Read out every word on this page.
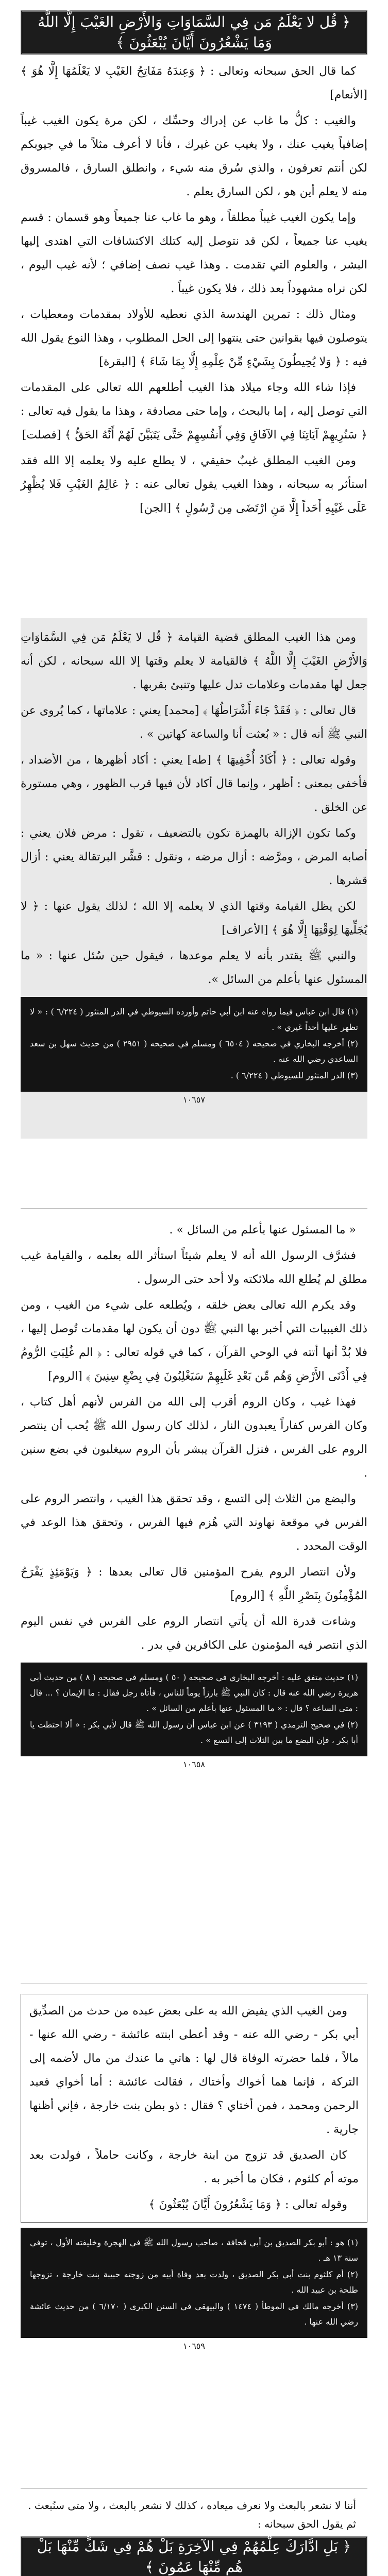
﴿ قُل لا يَعْلَمُ مَن فِي السَّمَاوَاتِ وَالأَرْضِ الغَيْبَ إِلَّا اللَّهُ وَمَا يَشْعُرُونَ أَيَّانَ يُبْعَثُونَ ﴾

كما قال الحق سبحانه وتعالى : ﴿ وَعِندَهُ مَفَاتِحُ الغَيْبِ لا يَعْلَمُهَا إِلَّا هُوَ ﴾ [الأنعام]

والغيب : كلُّ ما غاب عن إدراك وحسِّك ، لكن مرة يكون الغيب غيباً إضافياً يغيب عنك ، ولا يغيب عن غيرك ، فأنا لا أعرف مثلاً ما في جيوبكم لكن أنتم تعرفون ، والذي سُرق منه شيء ، وانطلق السارق ، فالمسروق منه لا يعلم أين هو ، لكن السارق يعلم .

وإما يكون الغيب غيباً مطلقاً ، وهو ما غاب عنا جميعاً وهو قسمان : قسم يغيب عنا جميعاً ، لكن قد نتوصل إليه كتلك الاكتشافات التي اهتدى إليها البشر ، والعلوم التي تقدمت . وهذا غيب نصف إضافي ؛ لأنه غيب اليوم ، لكن نراه مشهوداً بعد ذلك ، فلا يكون غيباً .

ومثال ذلك : تمرين الهندسة الذي نعطيه للأولاد بمقدمات ومعطيات ، يتوصلون فيها بقوانين حتى ينتهوا إلى الحل المطلوب ، وهذا النوع يقول الله فيه : ﴿ وَلا يُحِيطُونَ بِشَيْءٍ مِّنْ عِلْمِهِ إِلَّا بِمَا شَاءَ ﴾ [البقرة]

فإذا شاء الله وجاء ميلاد هذا الغيب أطلعهم الله تعالى على المقدمات التي توصل إليه ، إما بالبحث ، وإما حتى مصادفة ، وهذا ما يقول فيه تعالى : ﴿ سَنُرِيهِمْ آيَاتِنَا فِي الآفَاقِ وَفِي أَنفُسِهِمْ حَتَّى يَتَبَيَّنَ لَهُمْ أَنَّهُ الحَقُّ ﴾ [فصلت]

ومن الغيب المطلق غيبٌ حقيقي ، لا يطلع عليه ولا يعلمه إلا الله فقد استأثر به سبحانه ، وهذا الغيب يقول تعالى عنه : ﴿ عَالِمُ الغَيْبِ فَلا يُظْهِرُ عَلَى غَيْبِهِ أَحَداً إِلَّا مَنِ ارْتَضَى مِن رَّسُولٍ ﴾ [الجن]

ومن هذا الغيب المطلق قضية القيامة ﴿ قُل لا يَعْلَمُ مَن فِي السَّمَاوَاتِ وَالأَرْضِ الغَيْبَ إِلَّا اللَّهُ ﴾ فالقيامة لا يعلم وقتها إلا الله سبحانه ، لكن أنه جعل لها مقدمات وعلامات تدل عليها وتنبئ بقربها .

قال تعالى : ﴿ فَقَدْ جَاءَ أَشْرَاطُهَا ﴾ [محمد] يعني : علاماتها ، كما يُروى عن النبي ﷺ أنه قال : « بُعثت أنا والساعة كهاتين » .

وقوله تعالى : ﴿ أَكَادُ أُخْفِيهَا ﴾ [طه] يعني : أكاد أظهرها ، من الأضداد ، فأخفى بمعنى : أظهر ، وإنما قال أكاد لأن فيها قرب الظهور ، وهي مستورة عن الخلق .

وكما تكون الإزالة بالهمزة تكون بالتضعيف ، تقول : مرض فلان يعني : أصابه المرض ، ومرَّضه : أزال مرضه ، ونقول : قشَّر البرتقالة يعني : أزال قشرها .

لكن يظل القيامة وقتها الذي لا يعلمه إلا الله ؛ لذلك يقول عنها : ﴿ لا يُجَلِّيهَا لِوَقْتِهَا إِلَّا هُوَ ﴾ [الأعراف]

والنبي ﷺ يقتدر بأنه لا يعلم موعدها ، فيقول حين سُئل عنها : « ما المسئول عنها بأعلم من السائل ».

(١) قال ابن عباس فيما رواه عنه ابن أبي حاتم وأورده السيوطي في الدر المنثور ( ٦/٢٢٤ ) : « لا تظهر عليها أحداً غيري » .

(٢) أخرجه البخاري في صحيحه ( ٦٥٠٤ ) ومسلم في صحيحه ( ٢٩٥١ ) من حديث سهل بن سعد الساعدي رضي الله عنه .

(٣) الدر المنثور للسيوطي ( ٦/٢٢٤ ) .

١٠٦٥٧

« ما المسئول عنها بأعلم من السائل » .

فشرَّف الرسول الله أنه لا يعلم شيئاً استأثر الله بعلمه ، والقيامة غيب مطلق لم يُطلع الله ملائكته ولا أحد حتى الرسول .

وقد يكرم الله تعالى بعض خلقه ، ويُطلعه على شيء من الغيب ، ومن ذلك الغيبيات التي أخبر بها النبي ﷺ دون أن يكون لها مقدمات تُوصل إليها ، فلا بُدَّ أنها أتته في الوحي القرآن ، كما في قوله تعالى : ﴿ الم غُلِبَتِ الرُّومُ فِي أَدْنَى الأَرْضِ وَهُم مِّن بَعْدِ غَلَبِهِمْ سَيَغْلِبُونَ فِي بِضْعِ سِنِينَ ﴾ [الروم]

فهذا غيب ، وكان الروم أقرب إلى الله من الفرس لأنهم أهل كتاب ، وكان الفرس كفاراً يعبدون النار ، لذلك كان رسول الله ﷺ يُحب أن ينتصر الروم على الفرس ، فنزل القرآن يبشر بأن الروم سيغلبون في بضع سنين .

والبضع من الثلاث إلى التسع ، وقد تحقق هذا الغيب ، وانتصر الروم على الفرس في موقعة نهاوند التي هُزم فيها الفرس ، وتحقق هذا الوعد في الوقت المحدد .

ولأن انتصار الروم يفرح المؤمنين قال تعالى بعدها : ﴿ وَيَوْمَئِذٍ يَفْرَحُ المُؤْمِنُونَ بِنَصْرِ اللَّهِ ﴾ [الروم]

وشاءت قدرة الله أن يأتي انتصار الروم على الفرس في نفس اليوم الذي انتصر فيه المؤمنون على الكافرين في بدر .

(١) حديث متفق عليه : أخرجه البخاري في صحيحه ( ٥٠ ) ومسلم في صحيحه ( ٨ ) من حديث أبي هريرة رضي الله عنه قال : كان النبي ﷺ بارزاً يوماً للناس ، فأتاه رجل فقال : ما الإيمان ؟ ... قال : متى الساعة ؟ قال : « ما المسئول عنها بأعلم من السائل » .

(٢) في صحيح الترمذي ( ٣١٩٣ ) عن ابن عباس أن رسول الله ﷺ قال لأبي بكر : « ألا احتطت يا أبا بكر ، فإن البضع ما بين الثلاث إلى التسع » .

١٠٦٥٨

ومن الغيب الذي يفيض الله به على بعض عبده من حدث من الصدِّيق أبي بكر - رضي الله عنه - وقد أعطى ابنته عائشة - رضي الله عنها - مالاً ، فلما حضرته الوفاة قال لها : هاتي ما عندك من مال لأضمه إلى التركة ، فإنما هما أخواك وأختاك ، فقالت عائشة : أما أخواي فعبد الرحمن ومحمد ، فمن أختاي ؟ فقال : ذو بطن بنت خارجة ، فإني أظنها جارية .

كان الصديق قد تزوج من ابنة خارجة ، وكانت حاملاً ، فولدت بعد موته أم كلثوم ، فكان ما أخبر به .

وقوله تعالى : ﴿ وَمَا يَشْعُرُونَ أَيَّانَ يُبْعَثُونَ ﴾

(١) هو : أبو بكر الصديق بن أبي قحافة ، صاحب رسول الله ﷺ في الهجرة وخليفته الأول ، توفي سنة ١٣ هـ .

(٢) أم كلثوم بنت أبي بكر الصديق ، ولدت بعد وفاة أبيه من زوجته حبيبة بنت خارجة ، تزوجها طلحة بن عبيد الله .

(٣) أخرجه مالك في الموطأ ( ١٤٧٤ ) والبيهقي في السنن الكبرى ( ٦/١٧٠ ) من حديث عائشة رضي الله عنها .

١٠٦٥٩

أننا لا نشعر بالبعث ولا نعرف ميعاده ، كذلك لا نشعر بالبعث ، ولا متى سنُبعث .

ثم يقول الحق سبحانه :

﴿ بَلِ ادَّارَكَ عِلْمُهُمْ فِي الآخِرَةِ بَلْ هُمْ فِي شَكٍّ مِّنْهَا بَلْ هُم مِّنْهَا عَمُونَ ﴾
